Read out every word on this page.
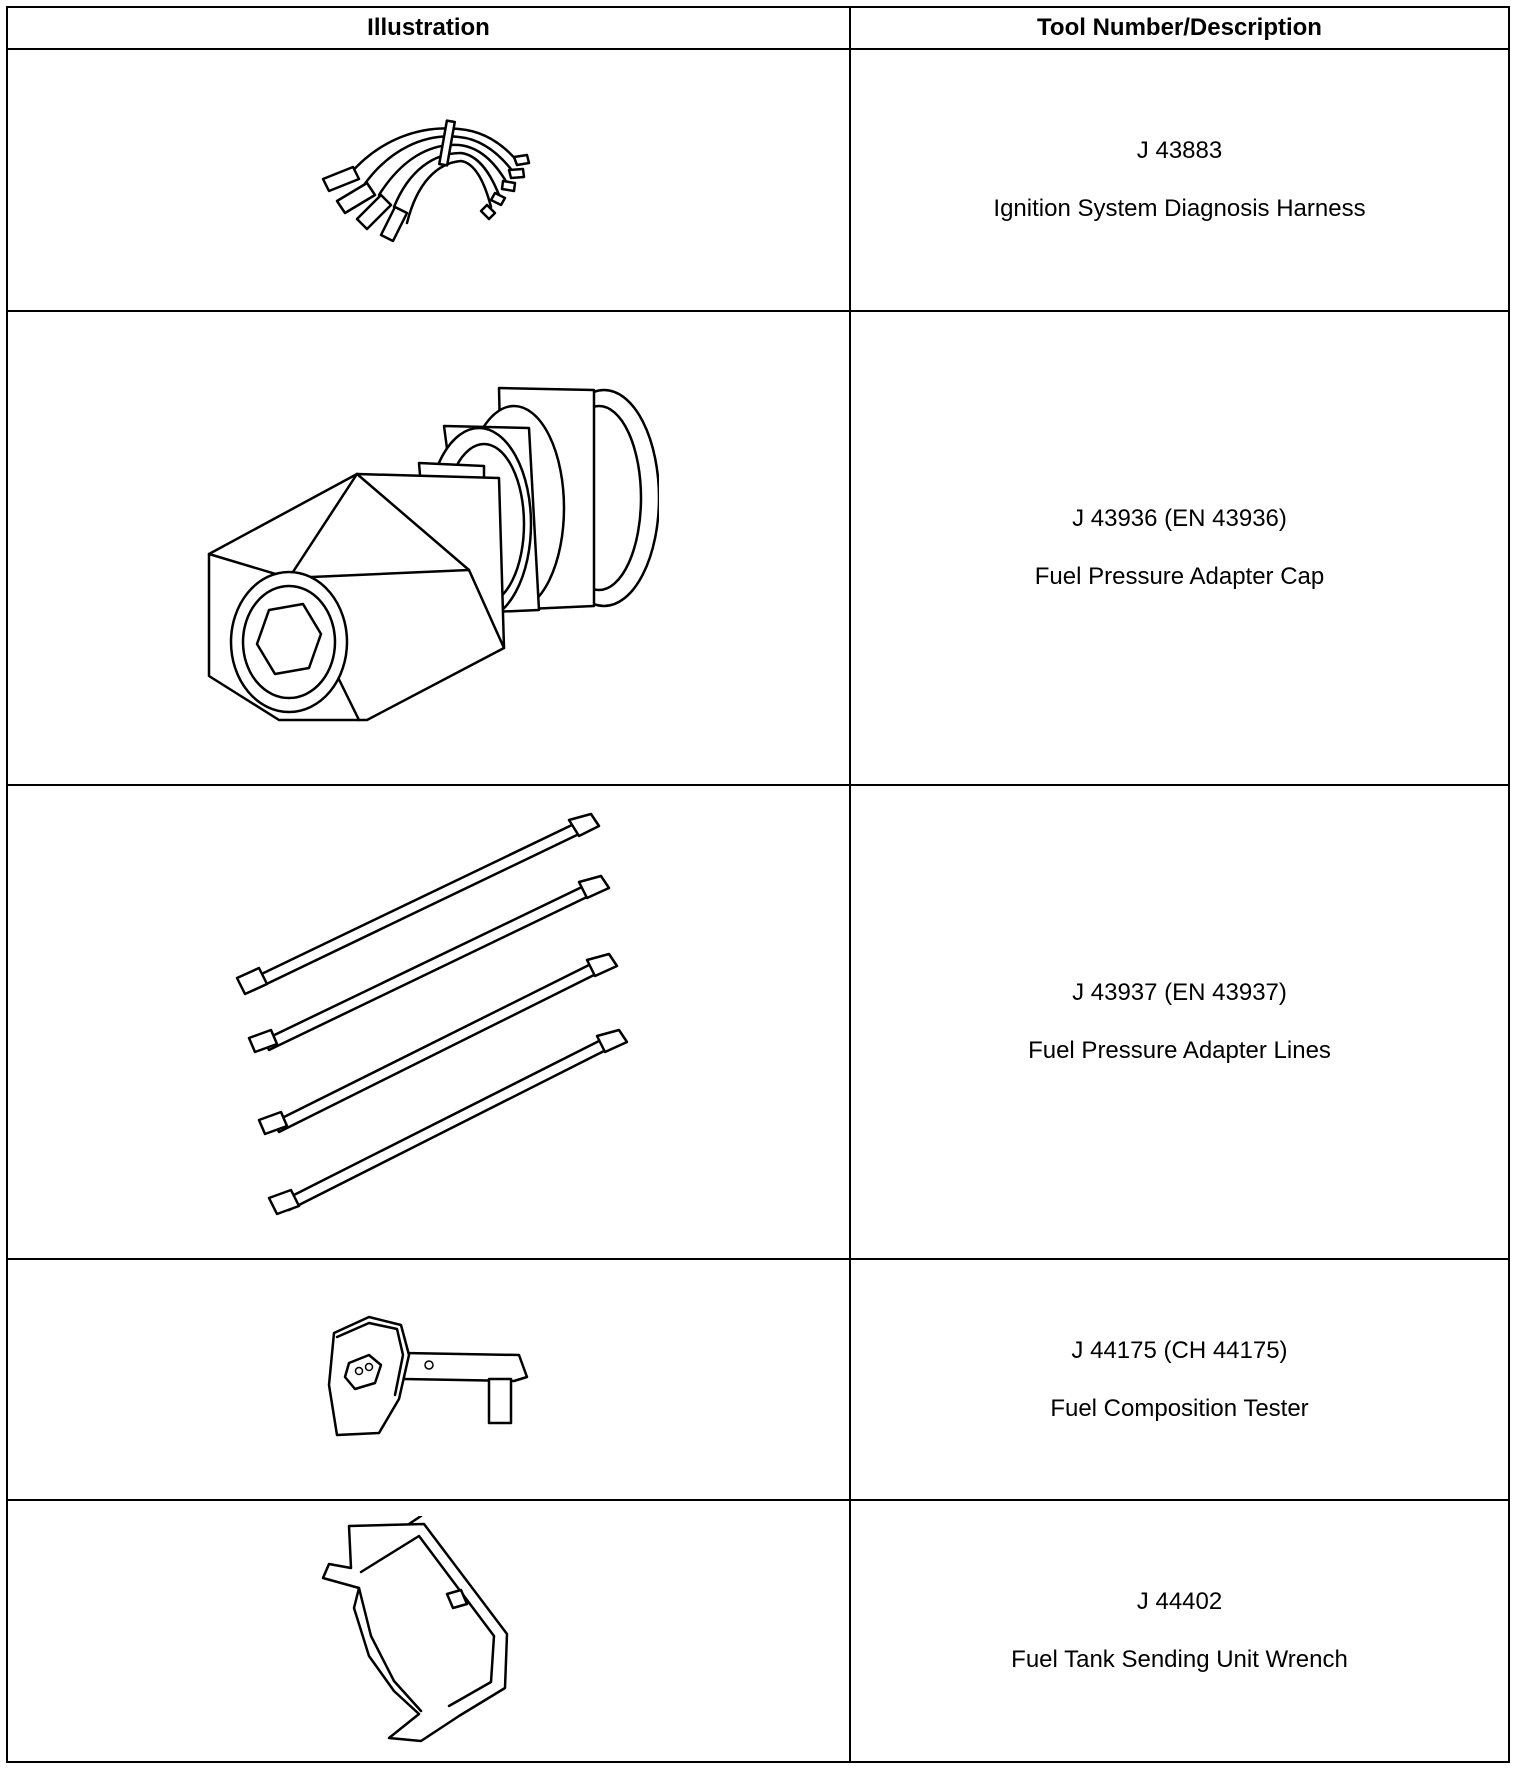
Illustration	Tool Number/Description

J 43883
Ignition System Diagnosis Harness

J 43936 (EN 43936)
Fuel Pressure Adapter Cap

J 43937 (EN 43937)
Fuel Pressure Adapter Lines

J 44175 (CH 44175)
Fuel Composition Tester

J 44402
Fuel Tank Sending Unit Wrench
